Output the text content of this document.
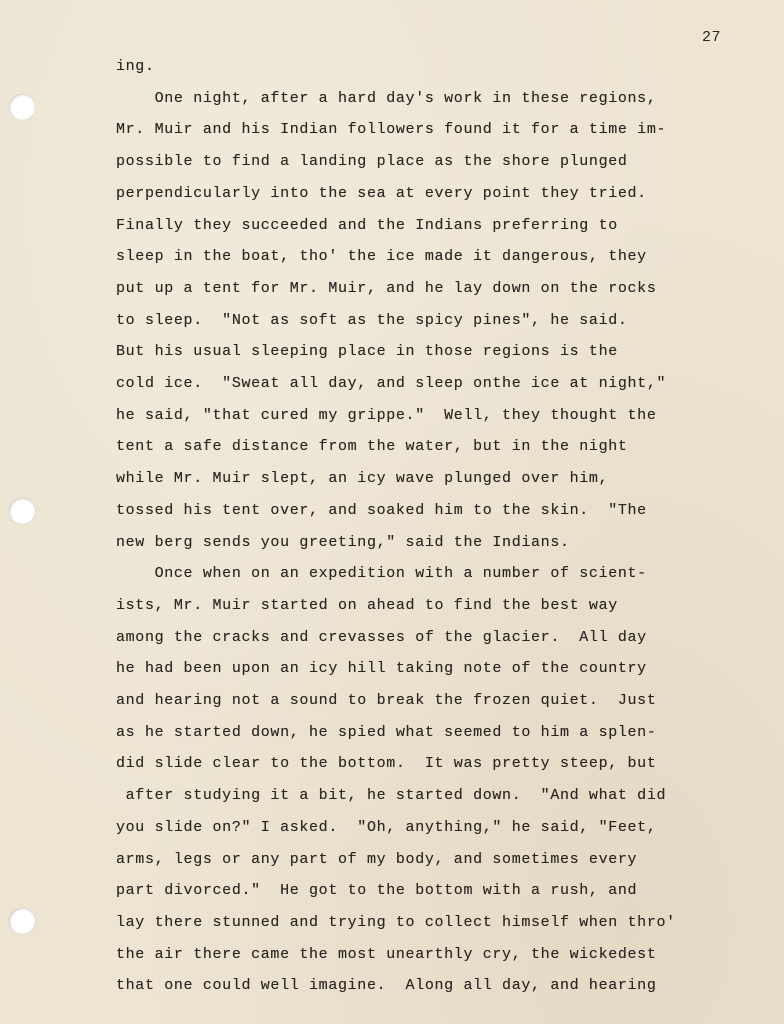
27
ing.
One night, after a hard day's work in these regions,
Mr. Muir and his Indian followers found it for a time im-
possible to find a landing place as the shore plunged
perpendicularly into the sea at every point they tried.
Finally they succeeded and the Indians preferring to
sleep in the boat, tho' the ice made it dangerous, they
put up a tent for Mr. Muir, and he lay down on the rocks
to sleep.  "Not as soft as the spicy pines", he said.
But his usual sleeping place in those regions is the
cold ice.  "Sweat all day, and sleep onthe ice at night,"
he said, "that cured my grippe."  Well, they thought the
tent a safe distance from the water, but in the night
while Mr. Muir slept, an icy wave plunged over him,
tossed his tent over, and soaked him to the skin.  "The
new berg sends you greeting," said the Indians.
Once when on an expedition with a number of scient-
ists, Mr. Muir started on ahead to find the best way
among the cracks and crevasses of the glacier.  All day
he had been upon an icy hill taking note of the country
and hearing not a sound to break the frozen quiet.  Just
as he started down, he spied what seemed to him a splen-
did slide clear to the bottom.  It was pretty steep, but
after studying it a bit, he started down.  "And what did
you slide on?" I asked.  "Oh, anything," he said, "Feet,
arms, legs or any part of my body, and sometimes every
part divorced."  He got to the bottom with a rush, and
lay there stunned and trying to collect himself when thro'
the air there came the most unearthly cry, the wickedest
that one could well imagine.  Along all day, and hearing
